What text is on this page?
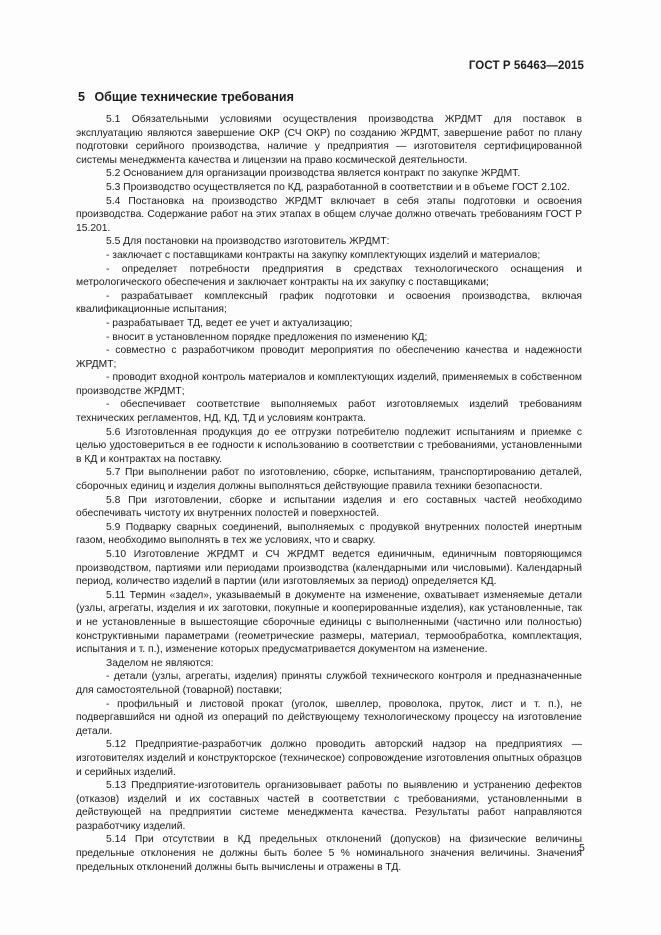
ГОСТ Р 56463—2015
5 Общие технические требования

5.1 Обязательными условиями осуществления производства ЖРДМТ для поставок в эксплуатацию являются завершение ОКР (СЧ ОКР) по созданию ЖРДМТ, завершение работ по плану подготовки серийного производства, наличие у предприятия — изготовителя сертифицированной системы менеджмента качества и лицензии на право космической деятельности.

5.2 Основанием для организации производства является контракт по закупке ЖРДМТ.

5.3 Производство осуществляется по КД, разработанной в соответствии и в объеме ГОСТ 2.102.

5.4 Постановка на производство ЖРДМТ включает в себя этапы подготовки и освоения производства. Содержание работ на этих этапах в общем случае должно отвечать требованиям ГОСТ Р 15.201.

5.5 Для постановки на производство изготовитель ЖРДМТ:

- заключает с поставщиками контракты на закупку комплектующих изделий и материалов;

- определяет потребности предприятия в средствах технологического оснащения и метрологического обеспечения и заключает контракты на их закупку с поставщиками;

- разрабатывает комплексный график подготовки и освоения производства, включая квалификационные испытания;

- разрабатывает ТД, ведет ее учет и актуализацию;

- вносит в установленном порядке предложения по изменению КД;

- совместно с разработчиком проводит мероприятия по обеспечению качества и надежности ЖРДМТ;

- проводит входной контроль материалов и комплектующих изделий, применяемых в собственном производстве ЖРДМТ;

- обеспечивает соответствие выполняемых работ изготовляемых изделий требованиям технических регламентов, НД, КД, ТД и условиям контракта.

5.6 Изготовленная продукция до ее отгрузки потребителю подлежит испытаниям и приемке с целью удостовериться в ее годности к использованию в соответствии с требованиями, установленными в КД и контрактах на поставку.

5.7 При выполнении работ по изготовлению, сборке, испытаниям, транспортированию деталей, сборочных единиц и изделия должны выполняться действующие правила техники безопасности.

5.8 При изготовлении, сборке и испытании изделия и его составных частей необходимо обеспечивать чистоту их внутренних полостей и поверхностей.

5.9 Подварку сварных соединений, выполняемых с продувкой внутренних полостей инертным газом, необходимо выполнять в тех же условиях, что и сварку.

5.10 Изготовление ЖРДМТ и СЧ ЖРДМТ ведется единичным, единичным повторяющимся производством, партиями или периодами производства (календарными или числовыми). Календарный период, количество изделий в партии (или изготовляемых за период) определяется КД.

5.11 Термин «задел», указываемый в документе на изменение, охватывает изменяемые детали (узлы, агрегаты, изделия и их заготовки, покупные и кооперированные изделия), как установленные, так и не установленные в вышестоящие сборочные единицы с выполненными (частично или полностью) конструктивными параметрами (геометрические размеры, материал, термообработка, комплектация, испытания и т. п.), изменение которых предусматривается документом на изменение.

Заделом не являются:

- детали (узлы, агрегаты, изделия) приняты службой технического контроля и предназначенные для самостоятельной (товарной) поставки;

- профильный и листовой прокат (уголок, швеллер, проволока, пруток, лист и т. п.), не подвергавшийся ни одной из операций по действующему технологическому процессу на изготовление детали.

5.12 Предприятие-разработчик должно проводить авторский надзор на предприятиях — изготовителях изделий и конструкторское (техническое) сопровождение изготовления опытных образцов и серийных изделий.

5.13 Предприятие-изготовитель организовывает работы по выявлению и устранению дефектов (отказов) изделий и их составных частей в соответствии с требованиями, установленными в действующей на предприятии системе менеджмента качества. Результаты работ направляются разработчику изделий.

5.14 При отсутствии в КД предельных отклонений (допусков) на физические величины предельные отклонения не должны быть более 5 % номинального значения величины. Значения предельных отклонений должны быть вычислены и отражены в ТД.

5
